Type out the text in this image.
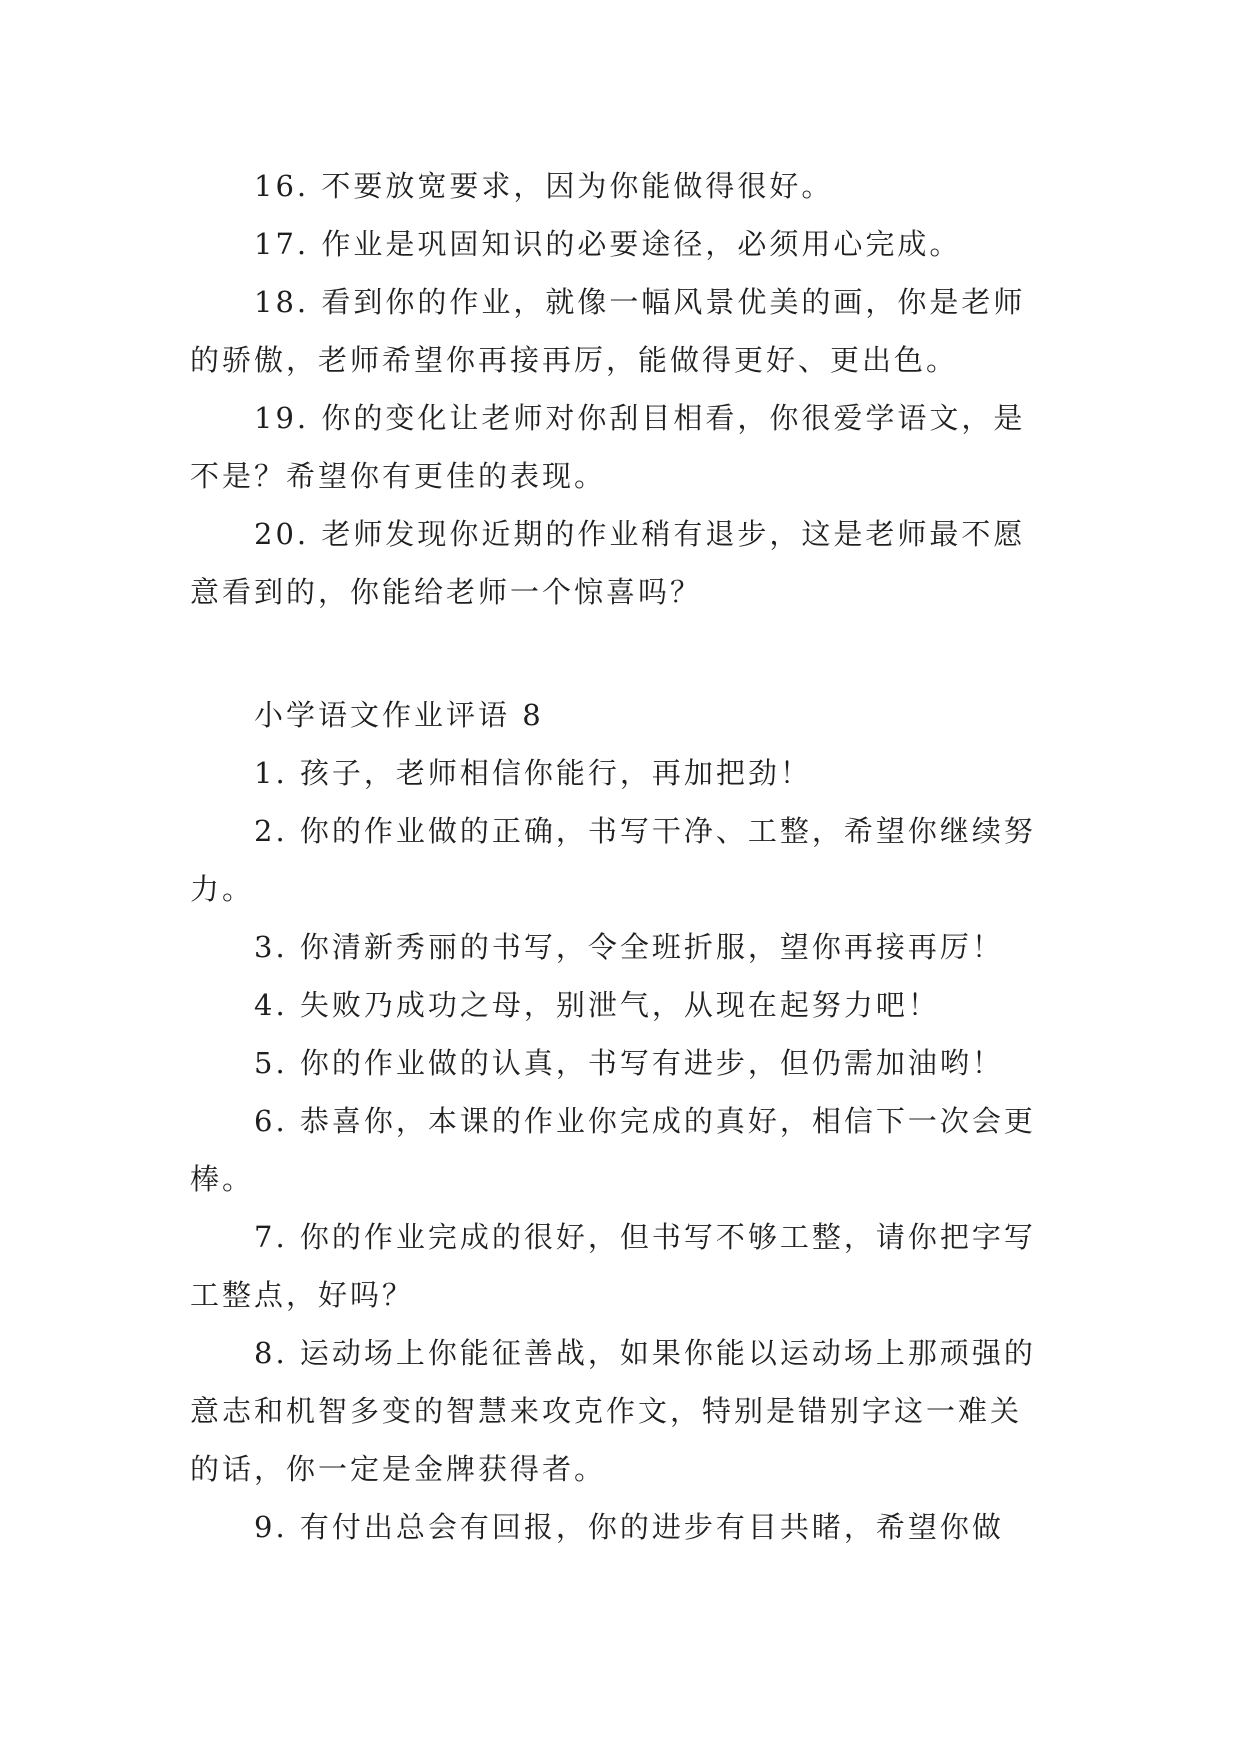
16. 不要放宽要求，因为你能做得很好。

17. 作业是巩固知识的必要途径，必须用心完成。

18. 看到你的作业，就像一幅风景优美的画，你是老师的骄傲，老师希望你再接再厉，能做得更好、更出色。

19. 你的变化让老师对你刮目相看，你很爱学语文，是不是？希望你有更佳的表现。

20. 老师发现你近期的作业稍有退步，这是老师最不愿意看到的，你能给老师一个惊喜吗？

小学语文作业评语 8

1. 孩子，老师相信你能行，再加把劲！

2. 你的作业做的正确，书写干净、工整，希望你继续努力。

3. 你清新秀丽的书写，令全班折服，望你再接再厉！

4. 失败乃成功之母，别泄气，从现在起努力吧！

5. 你的作业做的认真，书写有进步，但仍需加油哟！

6. 恭喜你，本课的作业你完成的真好，相信下一次会更棒。

7. 你的作业完成的很好，但书写不够工整，请你把字写工整点，好吗？

8. 运动场上你能征善战，如果你能以运动场上那顽强的意志和机智多变的智慧来攻克作文，特别是错别字这一难关的话，你一定是金牌获得者。

9. 有付出总会有回报，你的进步有目共睹，希望你做
